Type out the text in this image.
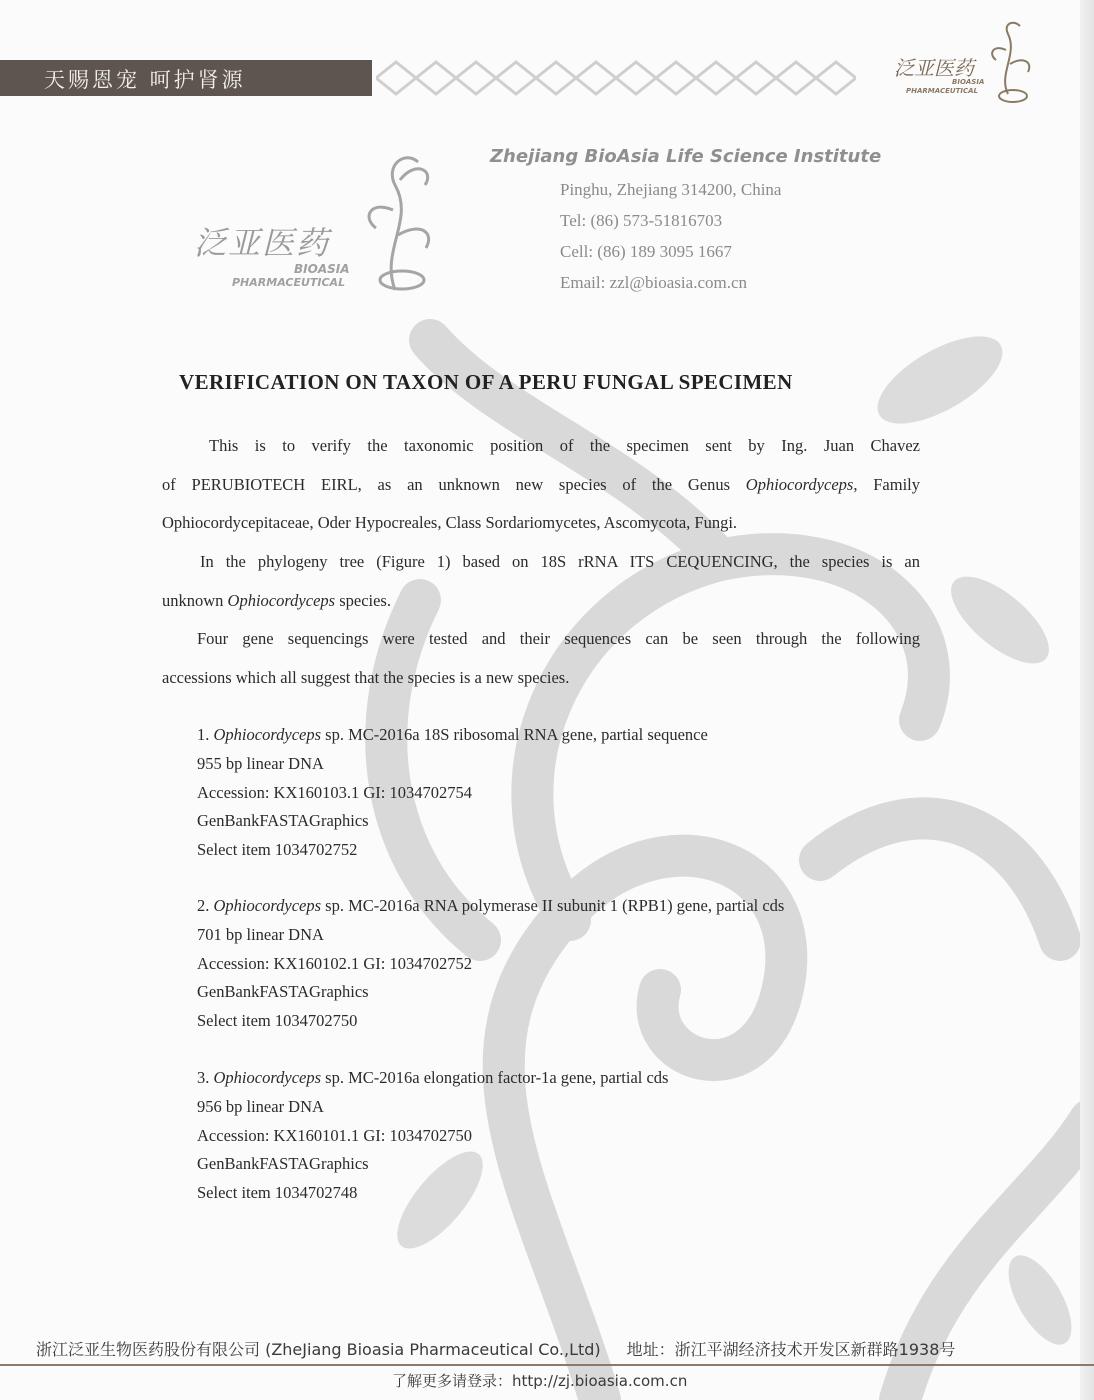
天赐恩宠 呵护肾源	泛亚医药
BIOASIA
PHARMACEUTICAL
泛亚医药
BIOASIA
PHARMACEUTICAL
Zhejiang BioAsia Life Science Institute
Pinghu, Zhejiang 314200, China
Tel: (86) 573-51816703
Cell: (86) 189 3095 1667
Email: zzl@bioasia.com.cn
VERIFICATION ON TAXON OF A PERU FUNGAL SPECIMEN
This is to verify the taxonomic position of the specimen sent by Ing. Juan Chavez
of PERUBIOTECH EIRL, as an unknown new species of the Genus Ophiocordyceps, Family
Ophiocordycepitaceae, Oder Hypocreales, Class Sordariomycetes, Ascomycota, Fungi.
In the phylogeny tree (Figure 1) based on 18S rRNA ITS CEQUENCING, the species is an
unknown Ophiocordyceps species.
Four gene sequencings were tested and their sequences can be seen through the following
accessions which all suggest that the species is a new species.
1. Ophiocordyceps sp. MC-2016a 18S ribosomal RNA gene, partial sequence
955 bp linear DNA
Accession: KX160103.1 GI: 1034702754
GenBankFASTAGraphics
Select item 1034702752
2. Ophiocordyceps sp. MC-2016a RNA polymerase II subunit 1 (RPB1) gene, partial cds
701 bp linear DNA
Accession: KX160102.1 GI: 1034702752
GenBankFASTAGraphics
Select item 1034702750
3. Ophiocordyceps sp. MC-2016a elongation factor-1a gene, partial cds
956 bp linear DNA
Accession: KX160101.1 GI: 1034702750
GenBankFASTAGraphics
Select item 1034702748
浙江泛亚生物医药股份有限公司 (ZheJiang Bioasia Pharmaceutical Co.,Ltd) 地址：浙江平湖经济技术开发区新群路1938号
了解更多请登录：http://zj.bioasia.com.cn
